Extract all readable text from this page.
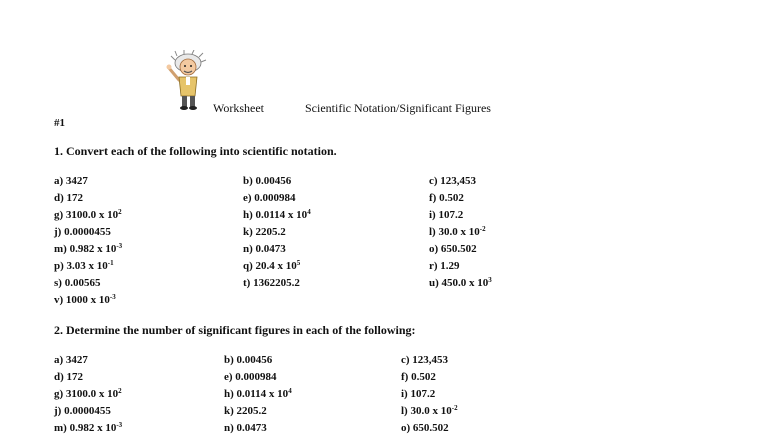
Worksheet	Scientific Notation/Significant Figures
#1
1. Convert each of the following into scientific notation.
a) 3427
d) 172
g) 3100.0 x $10^2$
j) 0.0000455
m) 0.982 x $10^{-3}$
p) 3.03 x $10^{-1}$
s) 0.00565
v) 1000 x $10^{-3}$
b) 0.00456
e) 0.000984
h) 0.0114 x $10^4$
k) 2205.2
n) 0.0473
q) 20.4 x $10^5$
t) 1362205.2
c) 123,453
f) 0.502
i) 107.2
l) 30.0 x $10^{-2}$
o) 650.502
r) 1.29
u) 450.0 x $10^3$
2. Determine the number of significant figures in each of the following:
a) 3427
d) 172
g) 3100.0 x $10^2$
j) 0.0000455
m) 0.982 x $10^{-3}$
b) 0.00456
e) 0.000984
h) 0.0114 x $10^4$
k) 2205.2
n) 0.0473
c) 123,453
f) 0.502
i) 107.2
l) 30.0 x $10^{-2}$
o) 650.502
